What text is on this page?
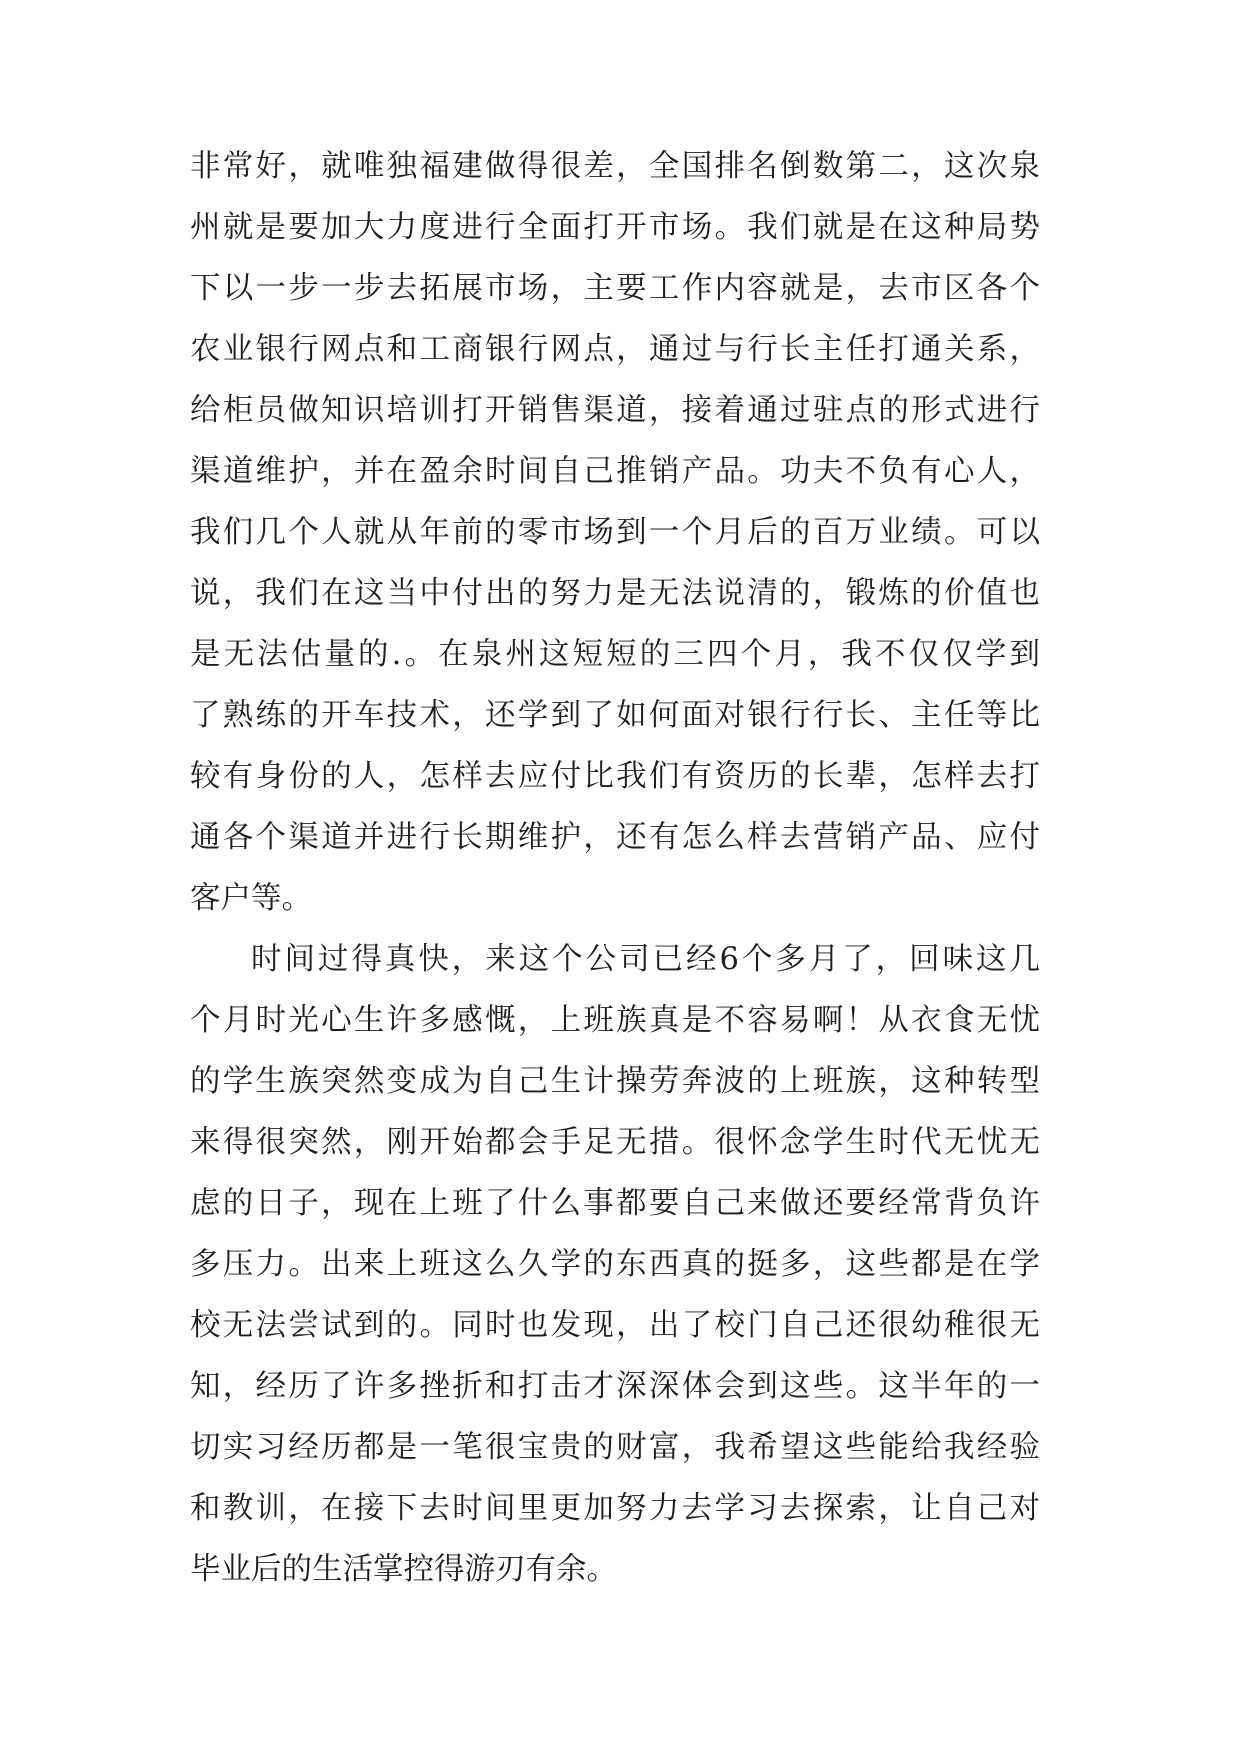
非常好，就唯独福建做得很差，全国排名倒数第二，这次泉
州就是要加大力度进行全面打开市场。我们就是在这种局势
下以一步一步去拓展市场，主要工作内容就是，去市区各个
农业银行网点和工商银行网点，通过与行长主任打通关系，
给柜员做知识培训打开销售渠道，接着通过驻点的形式进行
渠道维护，并在盈余时间自己推销产品。功夫不负有心人，
我们几个人就从年前的零市场到一个月后的百万业绩。可以
说，我们在这当中付出的努力是无法说清的，锻炼的价值也
是无法估量的.。在泉州这短短的三四个月，我不仅仅学到
了熟练的开车技术，还学到了如何面对银行行长、主任等比
较有身份的人，怎样去应付比我们有资历的长辈，怎样去打
通各个渠道并进行长期维护，还有怎么样去营销产品、应付
客户等。
时间过得真快，来这个公司已经6个多月了，回味这几
个月时光心生许多感慨，上班族真是不容易啊！从衣食无忧
的学生族突然变成为自己生计操劳奔波的上班族，这种转型
来得很突然，刚开始都会手足无措。很怀念学生时代无忧无
虑的日子，现在上班了什么事都要自己来做还要经常背负许
多压力。出来上班这么久学的东西真的挺多，这些都是在学
校无法尝试到的。同时也发现，出了校门自己还很幼稚很无
知，经历了许多挫折和打击才深深体会到这些。这半年的一
切实习经历都是一笔很宝贵的财富，我希望这些能给我经验
和教训，在接下去时间里更加努力去学习去探索，让自己对
毕业后的生活掌控得游刃有余。
